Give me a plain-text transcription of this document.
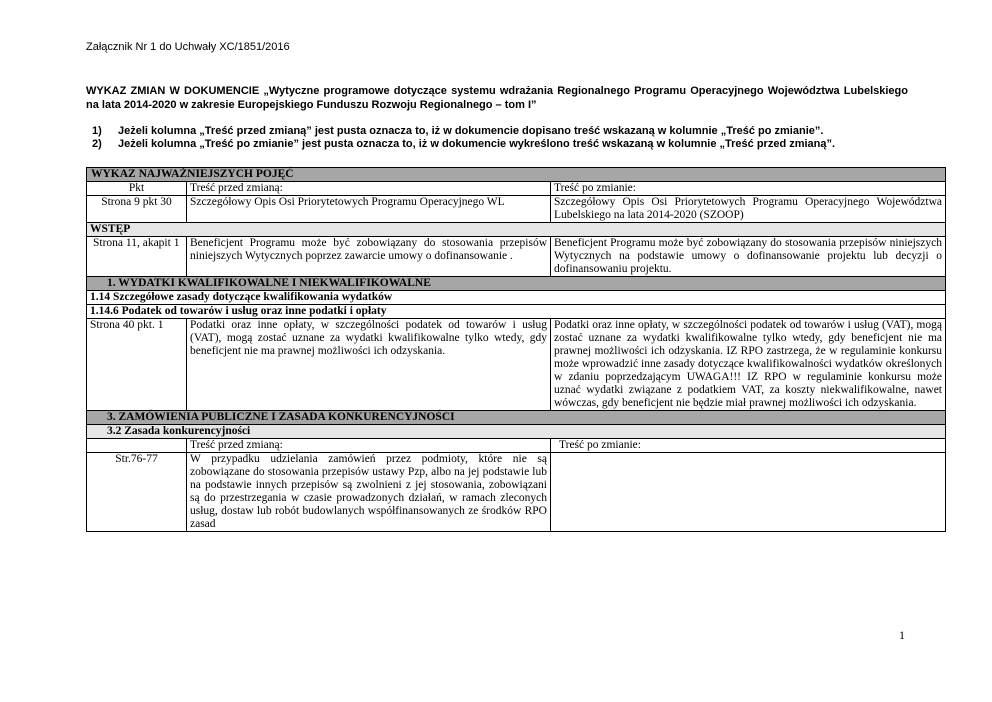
Załącznik Nr 1 do Uchwały XC/1851/2016
WYKAZ ZMIAN W DOKUMENCIE „Wytyczne programowe dotyczące systemu wdrażania Regionalnego Programu Operacyjnego Województwa Lubelskiego na lata 2014-2020 w zakresie Europejskiego Funduszu Rozwoju Regionalnego – tom I”
1) Jeżeli kolumna „Treść przed zmianą” jest pusta oznacza to, iż w dokumencie dopisano treść wskazaną w kolumnie „Treść po zmianie”.
2) Jeżeli kolumna „Treść po zmianie” jest pusta oznacza to, iż w dokumencie wykreślono treść wskazaną w kolumnie „Treść przed zmianą”.
WYKAZ NAJWAŻNIEJSZYCH POJĘĆ		
Pkt	Treść przed zmianą:	Treść po zmianie:
Strona 9 pkt 30	Szczegółowy Opis Osi Priorytetowych Programu Operacyjnego WL	Szczegółowy Opis Osi Priorytetowych Programu Operacyjnego Województwa Lubelskiego na lata 2014-2020 (SZOOP)
WSTĘP		
Strona 11, akapit 1	Beneficjent Programu może być zobowiązany do stosowania przepisów niniejszych Wytycznych poprzez zawarcie umowy o dofinansowanie .	Beneficjent Programu może być zobowiązany do stosowania przepisów niniejszych Wytycznych na podstawie umowy o dofinansowanie projektu lub decyzji o dofinansowaniu projektu.
1. WYDATKI KWALIFIKOWALNE I NIEKWALIFIKOWALNE		
1.14 Szczegółowe zasady dotyczące kwalifikowania wydatków		
1.14.6 Podatek od towarów i usług oraz inne podatki i opłaty		
Strona 40 pkt. 1	Podatki oraz inne opłaty, w szczególności podatek od towarów i usług (VAT), mogą zostać uznane za wydatki kwalifikowalne tylko wtedy, gdy beneficjent nie ma prawnej możliwości ich odzyskania.	Podatki oraz inne opłaty, w szczególności podatek od towarów i usług (VAT), mogą zostać uznane za wydatki kwalifikowalne tylko wtedy, gdy beneficjent nie ma prawnej możliwości ich odzyskania. IZ RPO zastrzega, że w regulaminie konkursu może wprowadzić inne zasady dotyczące kwalifikowalności wydatków określonych w zdaniu poprzedzającym UWAGA!!! IZ RPO w regulaminie konkursu może uznać wydatki związane z podatkiem VAT, za koszty niekwalifikowalne, nawet wówczas, gdy beneficjent nie będzie miał prawnej możliwości ich odzyskania.
3. ZAMÓWIENIA PUBLICZNE I ZASADA KONKURENCYJNOŚCI		
3.2 Zasada konkurencyjności		
	Treść przed zmianą:	Treść po zmianie:
Str.76-77	W przypadku udzielania zamówień przez podmioty, które nie są zobowiązane do stosowania przepisów ustawy Pzp, albo na jej podstawie lub na podstawie innych przepisów są zwolnieni z jej stosowania, zobowiązani są do przestrzegania w czasie prowadzonych działań, w ramach zleconych usług, dostaw lub robót budowlanych współfinansowanych ze środków RPO zasad	
1
